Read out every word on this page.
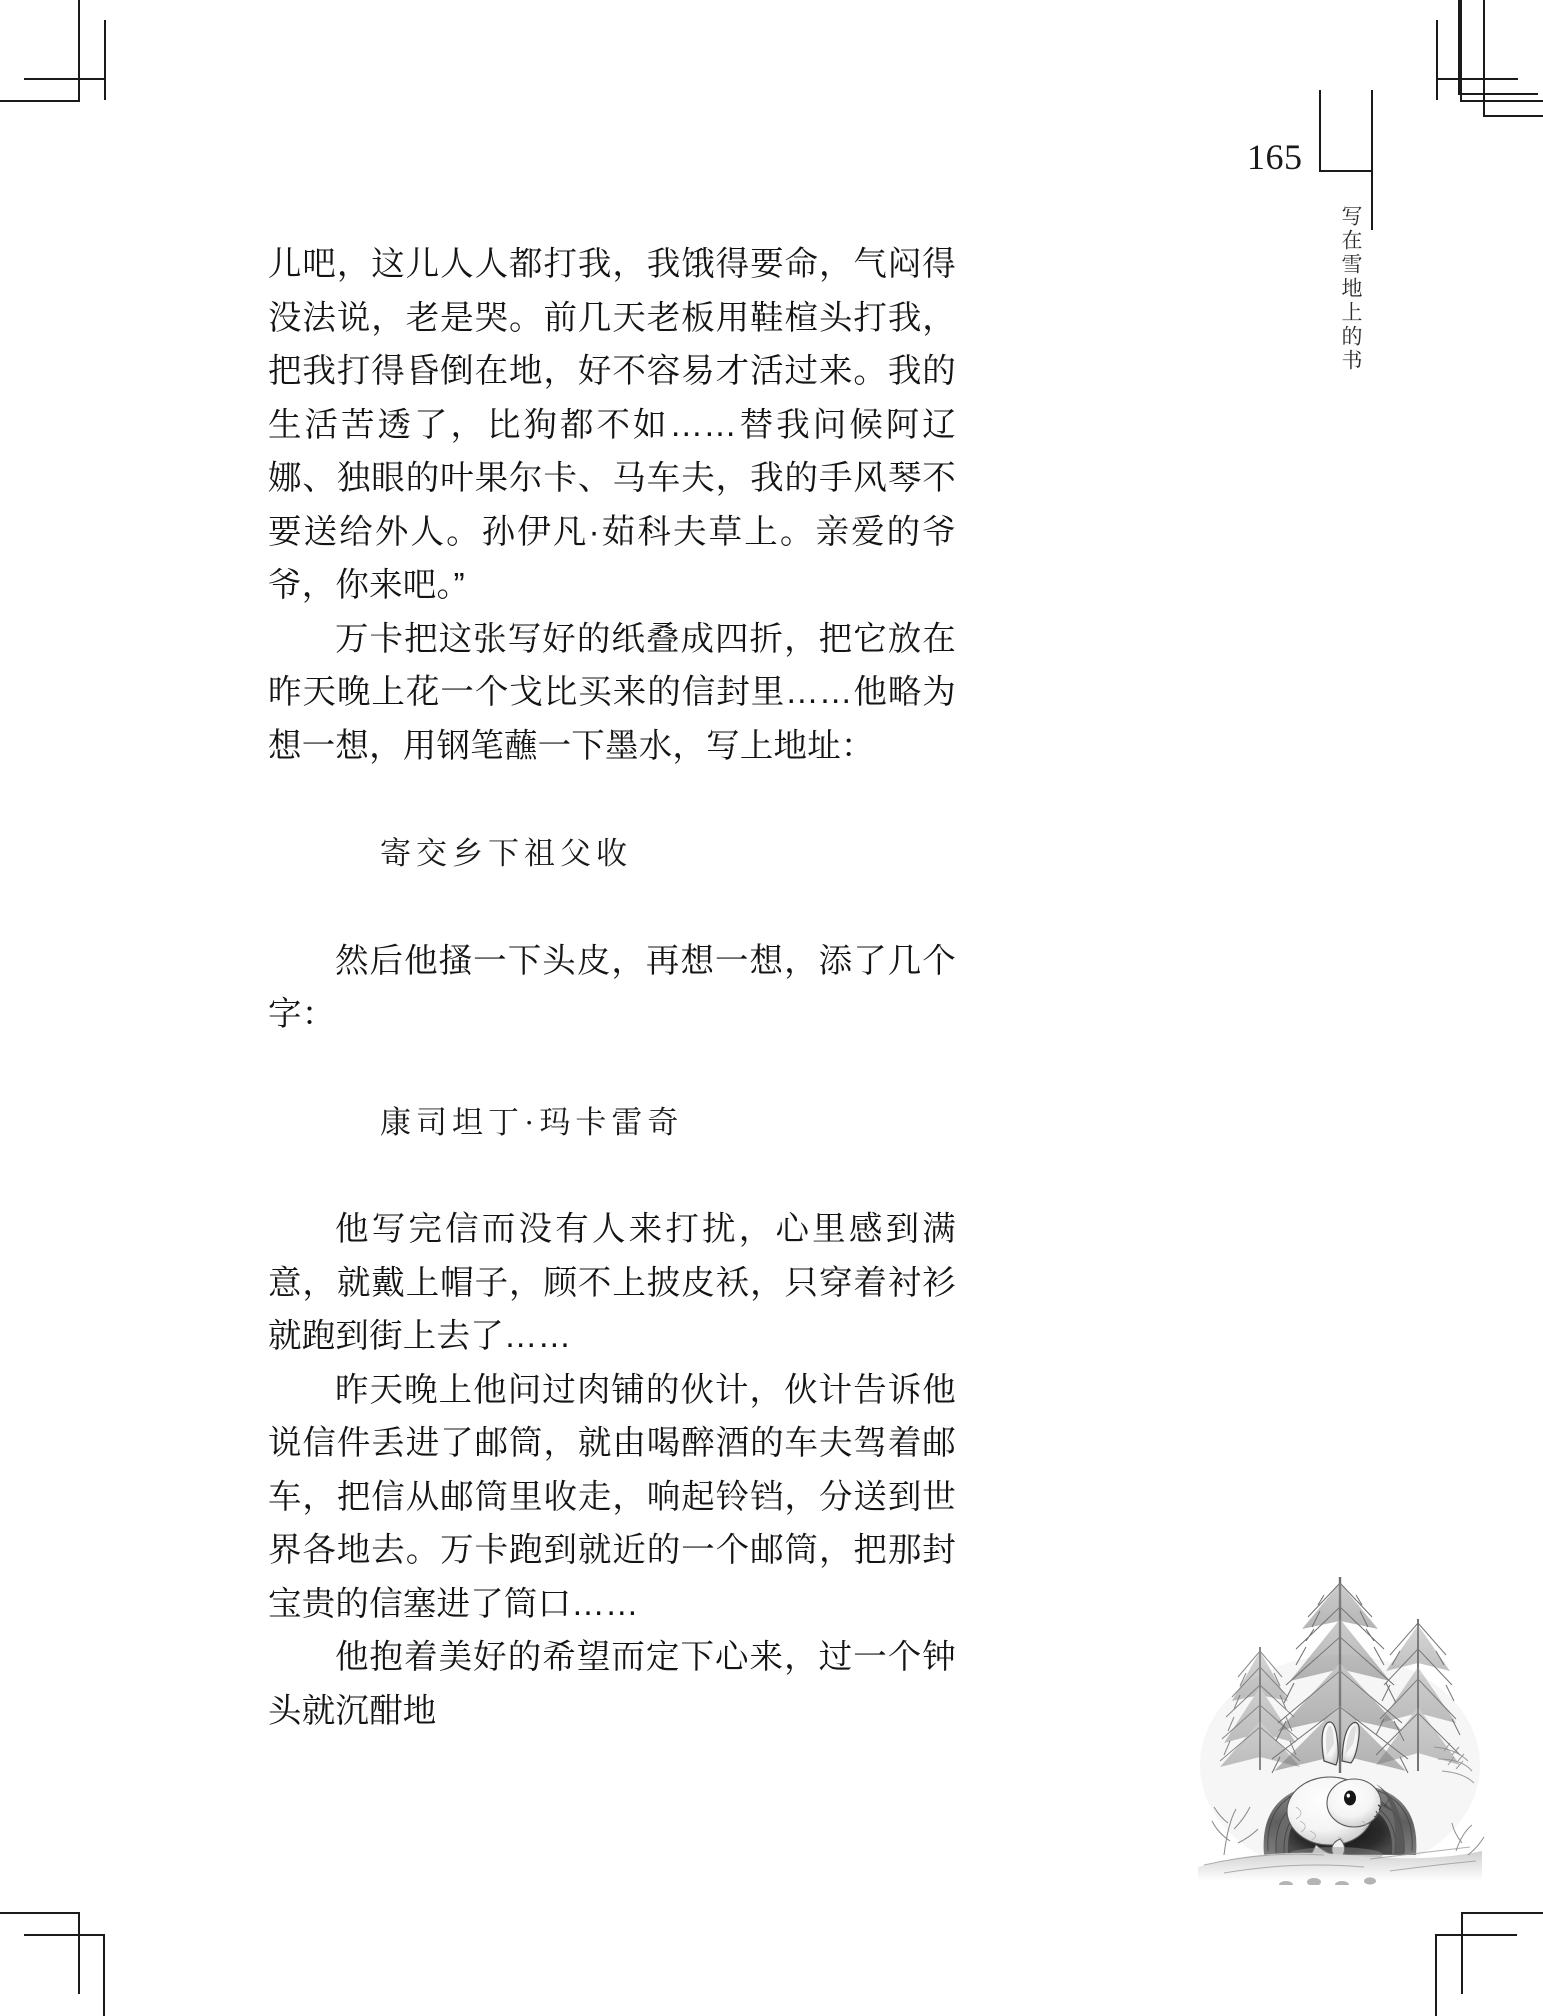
165
写在雪地上的书

儿吧，这儿人人都打我，我饿得要命，气闷得没法说，老是哭。前几天老板用鞋楦头打我，把我打得昏倒在地，好不容易才活过来。我的生活苦透了，比狗都不如……替我问候阿辽娜、独眼的叶果尔卡、马车夫，我的手风琴不要送给外人。孙伊凡·茹科夫草上。亲爱的爷爷，你来吧。”

万卡把这张写好的纸叠成四折，把它放在昨天晚上花一个戈比买来的信封里……他略为想一想，用钢笔蘸一下墨水，写上地址：

寄交乡下祖父收

然后他搔一下头皮，再想一想，添了几个字：

康司坦丁·玛卡雷奇

他写完信而没有人来打扰，心里感到满意，就戴上帽子，顾不上披皮袄，只穿着衬衫就跑到街上去了……

昨天晚上他问过肉铺的伙计，伙计告诉他说信件丢进了邮筒，就由喝醉酒的车夫驾着邮车，把信从邮筒里收走，响起铃铛，分送到世界各地去。万卡跑到就近的一个邮筒，把那封宝贵的信塞进了筒口……

他抱着美好的希望而定下心来，过一个钟头就沉酣地
